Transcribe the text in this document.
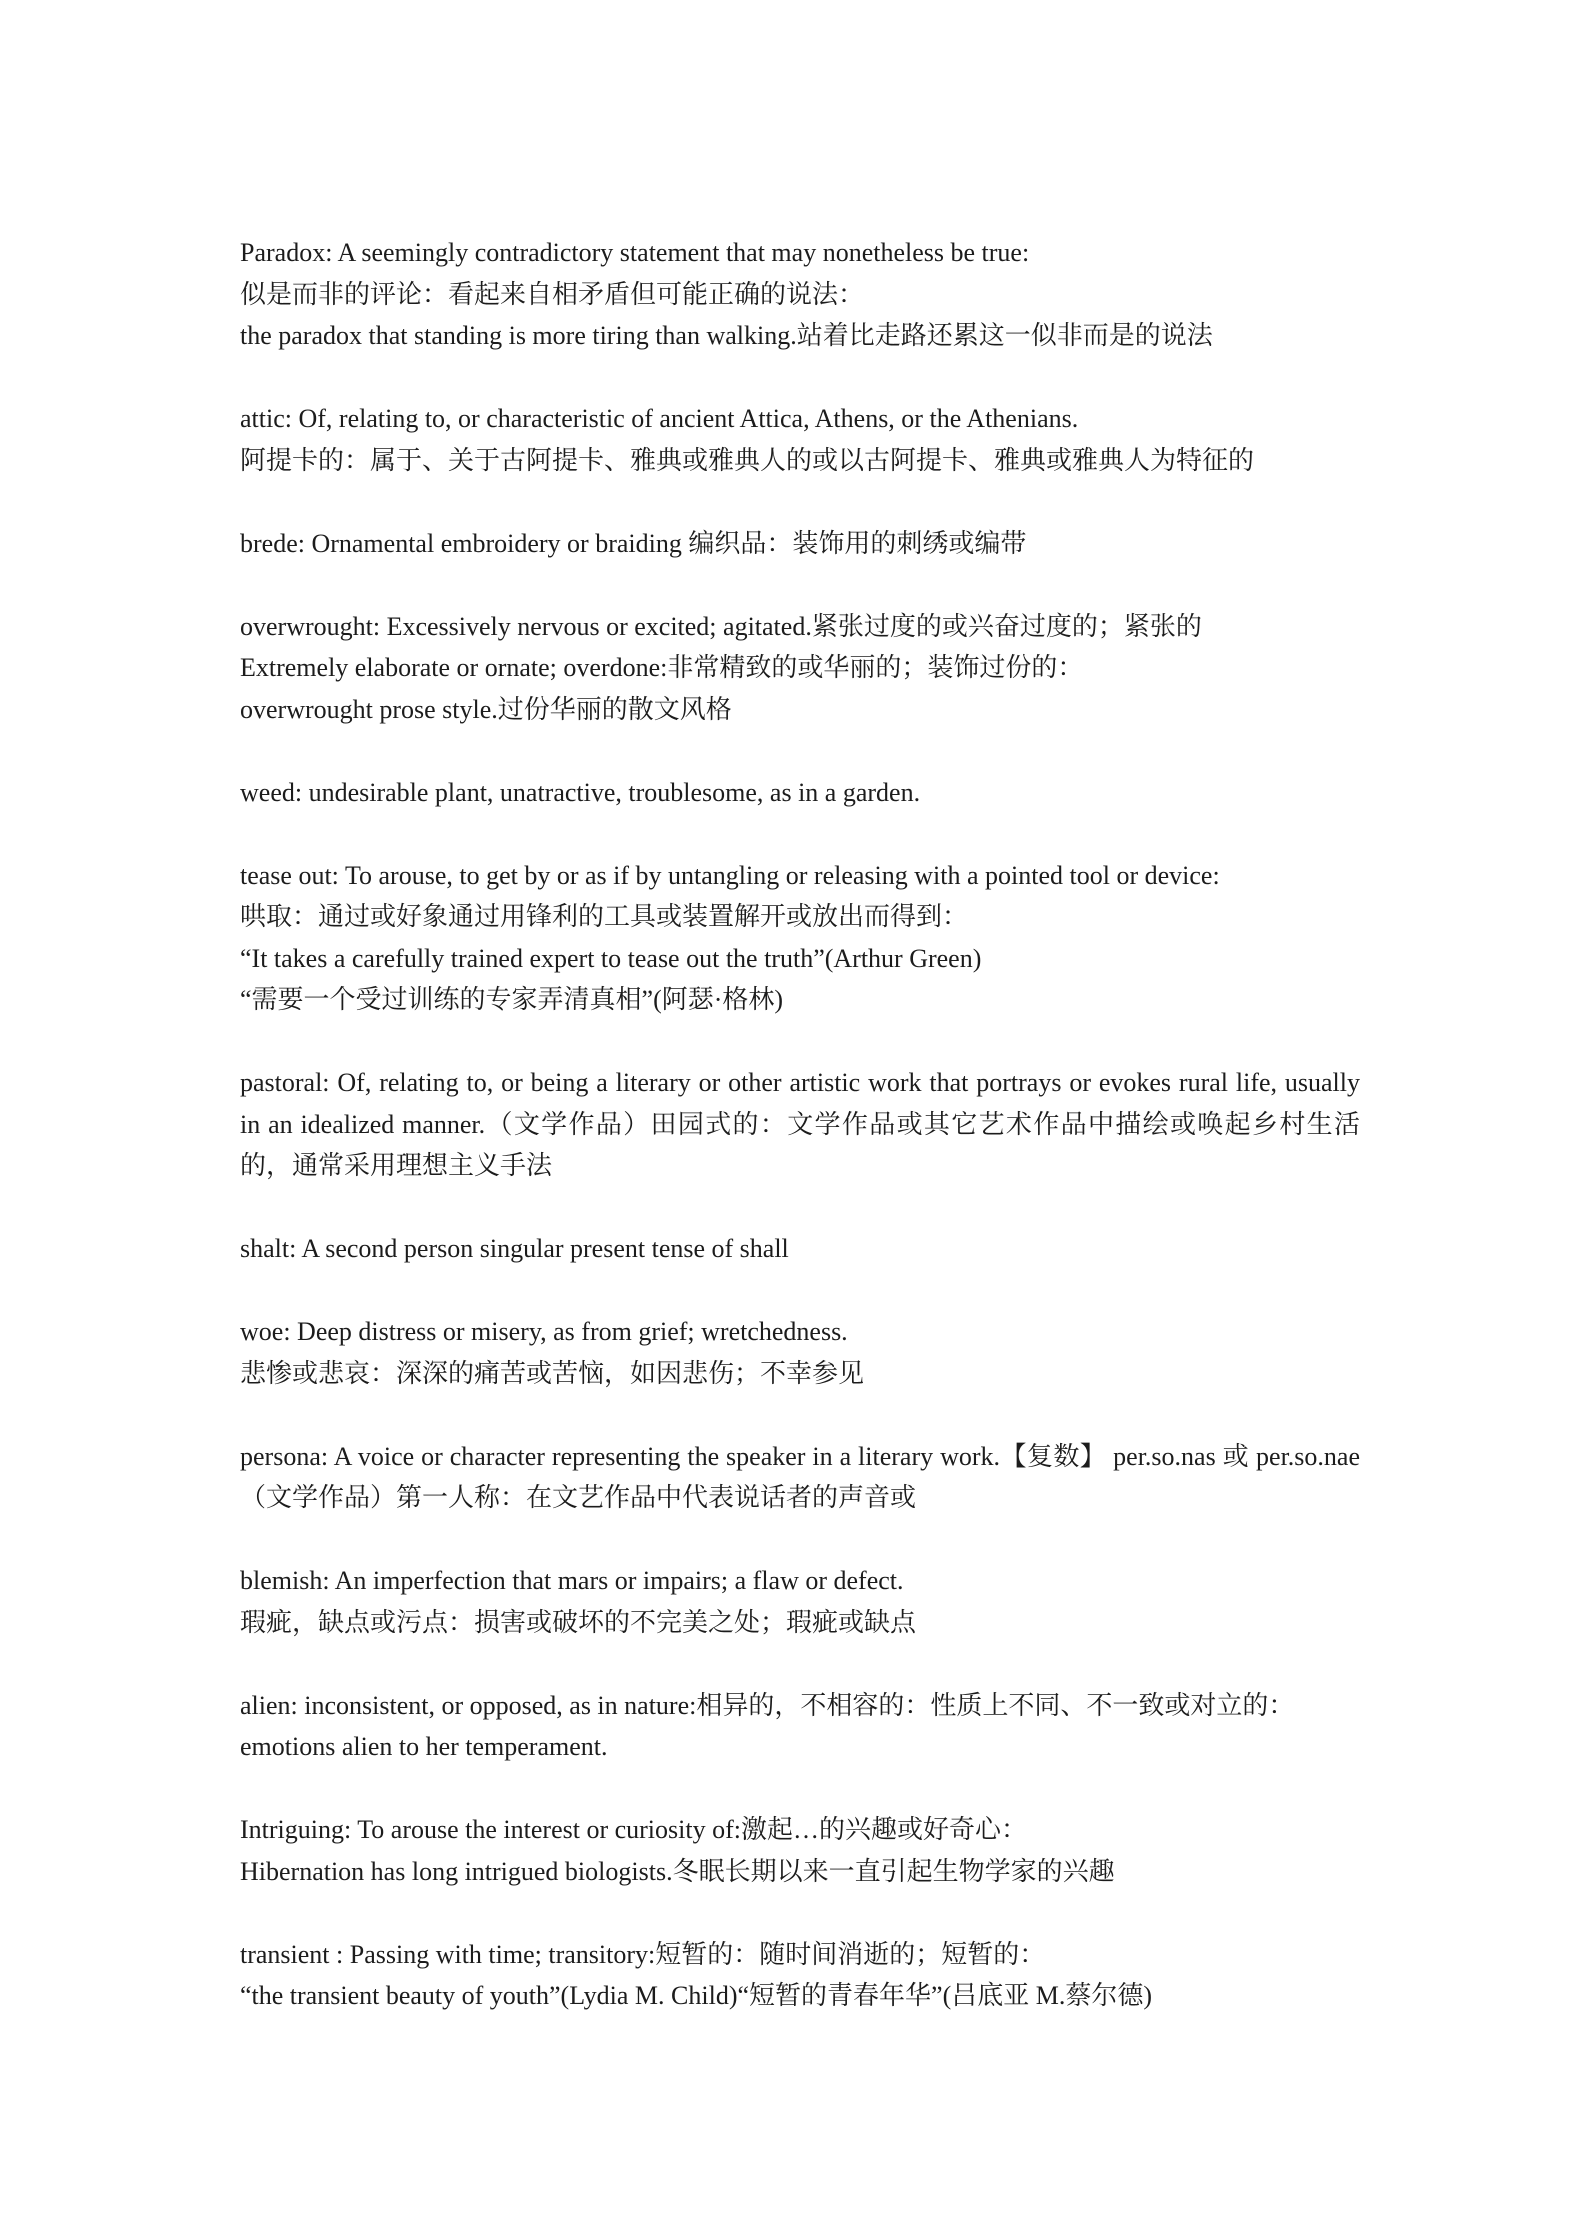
Paradox: A seemingly contradictory statement that may nonetheless be true:
似是而非的评论：看起来自相矛盾但可能正确的说法：
the paradox that standing is more tiring than walking.站着比走路还累这一似非而是的说法
attic: Of, relating to, or characteristic of ancient Attica, Athens, or the Athenians.
阿提卡的：属于、关于古阿提卡、雅典或雅典人的或以古阿提卡、雅典或雅典人为特征的
brede: Ornamental embroidery or braiding 编织品：装饰用的刺绣或编带
overwrought: Excessively nervous or excited; agitated.紧张过度的或兴奋过度的；紧张的
Extremely elaborate or ornate; overdone:非常精致的或华丽的；装饰过份的：
overwrought prose style.过份华丽的散文风格
weed: undesirable plant, unatractive, troublesome, as in a garden.
tease out: To arouse, to get by or as if by untangling or releasing with a pointed tool or device:
哄取：通过或好象通过用锋利的工具或装置解开或放出而得到：
“It takes a carefully trained expert to tease out the truth”(Arthur Green)
“需要一个受过训练的专家弄清真相”(阿瑟·格林)
pastoral: Of, relating to, or being a literary or other artistic work that portrays or evokes rural life, usually in an idealized manner.（文学作品）田园式的：文学作品或其它艺术作品中描绘或唤起乡村生活的，通常采用理想主义手法
shalt: A second person singular present tense of shall
woe: Deep distress or misery, as from grief; wretchedness.
悲惨或悲哀：深深的痛苦或苦恼，如因悲伤；不幸参见
persona: A voice or character representing the speaker in a literary work.【复数】 per.so.nas 或 per.so.nae（文学作品）第一人称：在文艺作品中代表说话者的声音或
blemish: An imperfection that mars or impairs; a flaw or defect.
瑕疵，缺点或污点：损害或破坏的不完美之处；瑕疵或缺点
alien: inconsistent, or opposed, as in nature:相异的，不相容的：性质上不同、不一致或对立的：
emotions alien to her temperament.
Intriguing: To arouse the interest or curiosity of:激起…的兴趣或好奇心：
Hibernation has long intrigued biologists.冬眠长期以来一直引起生物学家的兴趣
transient : Passing with time; transitory:短暂的：随时间消逝的；短暂的：
“the transient beauty of youth”(Lydia M. Child)“短暂的青春年华”(吕底亚 M.蔡尔德)
